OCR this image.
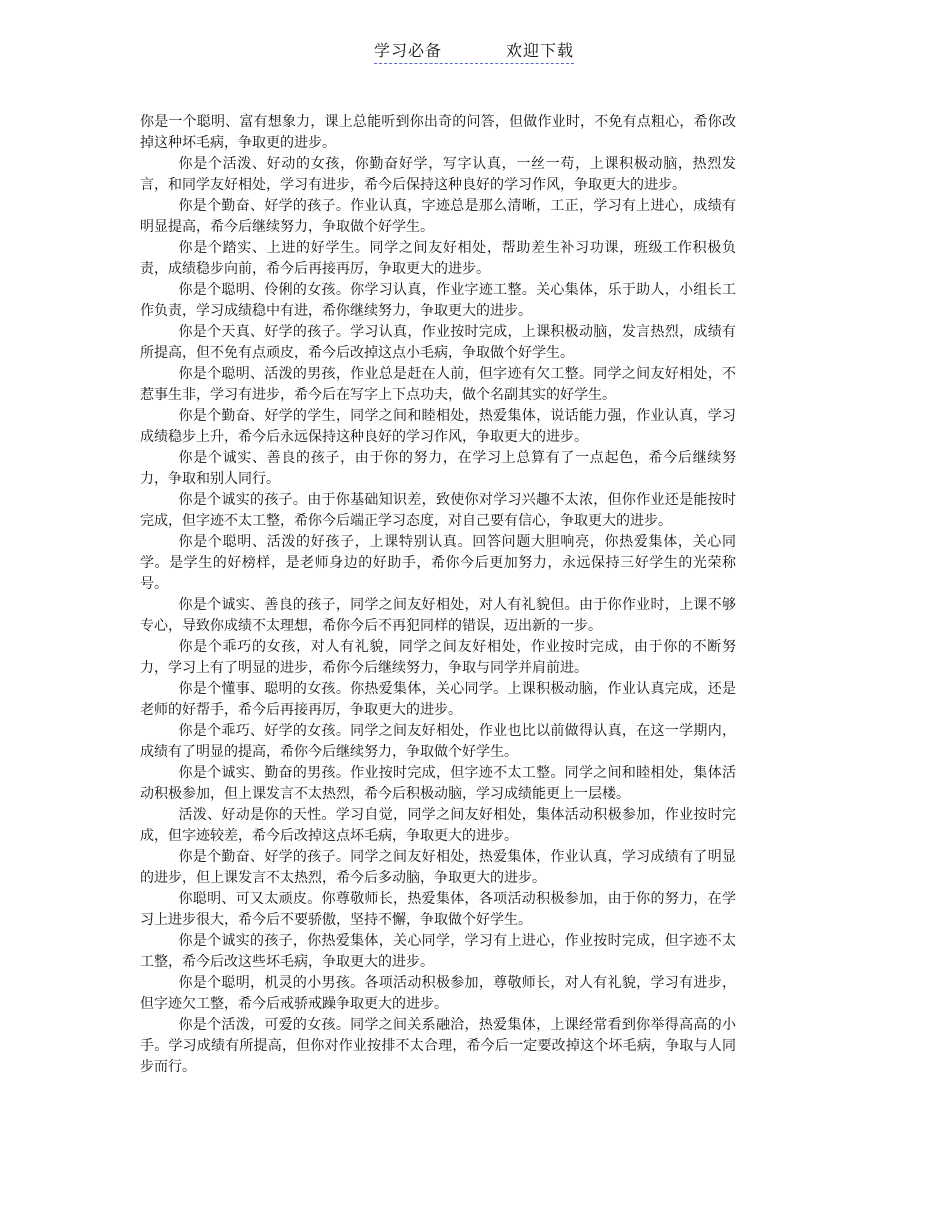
学习必备	欢迎下载

你是一个聪明、富有想象力，课上总能听到你出奇的问答，但做作业时，不免有点粗心，希你改掉这种坏毛病，争取更的进步。

你是个活泼、好动的女孩，你勤奋好学，写字认真，一丝一苟，上课积极动脑，热烈发言，和同学友好相处，学习有进步，希今后保持这种良好的学习作风，争取更大的进步。

你是个勤奋、好学的孩子。作业认真，字迹总是那么清晰，工正，学习有上进心，成绩有明显提高，希今后继续努力，争取做个好学生。

你是个踏实、上进的好学生。同学之间友好相处，帮助差生补习功课，班级工作积极负责，成绩稳步向前，希今后再接再厉，争取更大的进步。

你是个聪明、伶俐的女孩。你学习认真，作业字迹工整。关心集体，乐于助人，小组长工作负责，学习成绩稳中有进，希你继续努力，争取更大的进步。

你是个天真、好学的孩子。学习认真，作业按时完成，上课积极动脑，发言热烈，成绩有所提高，但不免有点顽皮，希今后改掉这点小毛病，争取做个好学生。

你是个聪明、活泼的男孩，作业总是赶在人前，但字迹有欠工整。同学之间友好相处，不惹事生非，学习有进步，希今后在写字上下点功夫，做个名副其实的好学生。

你是个勤奋、好学的学生，同学之间和睦相处，热爱集体，说话能力强，作业认真，学习成绩稳步上升，希今后永远保持这种良好的学习作风，争取更大的进步。

你是个诚实、善良的孩子，由于你的努力，在学习上总算有了一点起色，希今后继续努力，争取和别人同行。

你是个诚实的孩子。由于你基础知识差，致使你对学习兴趣不太浓，但你作业还是能按时完成，但字迹不太工整，希你今后端正学习态度，对自己要有信心，争取更大的进步。

你是个聪明、活泼的好孩子，上课特别认真。回答问题大胆响亮，你热爱集体，关心同学。是学生的好榜样，是老师身边的好助手，希你今后更加努力，永远保持三好学生的光荣称号。

你是个诚实、善良的孩子，同学之间友好相处，对人有礼貌但。由于你作业时，上课不够专心，导致你成绩不太理想，希你今后不再犯同样的错误，迈出新的一步。

你是个乖巧的女孩，对人有礼貌，同学之间友好相处，作业按时完成，由于你的不断努力，学习上有了明显的进步，希你今后继续努力，争取与同学并肩前进。

你是个懂事、聪明的女孩。你热爱集体，关心同学。上课积极动脑，作业认真完成，还是老师的好帮手，希今后再接再厉，争取更大的进步。

你是个乖巧、好学的女孩。同学之间友好相处，作业也比以前做得认真，在这一学期内，成绩有了明显的提高，希你今后继续努力，争取做个好学生。

你是个诚实、勤奋的男孩。作业按时完成，但字迹不太工整。同学之间和睦相处，集体活动积极参加，但上课发言不太热烈，希今后积极动脑，学习成绩能更上一层楼。

活泼、好动是你的天性。学习自觉，同学之间友好相处，集体活动积极参加，作业按时完成，但字迹较差，希今后改掉这点坏毛病，争取更大的进步。

你是个勤奋、好学的孩子。同学之间友好相处，热爱集体，作业认真，学习成绩有了明显的进步，但上课发言不太热烈，希今后多动脑，争取更大的进步。

你聪明、可又太顽皮。你尊敬师长，热爱集体，各项活动积极参加，由于你的努力，在学习上进步很大，希今后不要骄傲，坚持不懈，争取做个好学生。

你是个诚实的孩子，你热爱集体，关心同学，学习有上进心，作业按时完成，但字迹不太工整，希今后改这些坏毛病，争取更大的进步。

你是个聪明，机灵的小男孩。各项活动积极参加，尊敬师长，对人有礼貌，学习有进步，但字迹欠工整，希今后戒骄戒躁争取更大的进步。

你是个活泼，可爱的女孩。同学之间关系融洽，热爱集体，上课经常看到你举得高高的小手。学习成绩有所提高，但你对作业按排不太合理，希今后一定要改掉这个坏毛病，争取与人同步而行。
